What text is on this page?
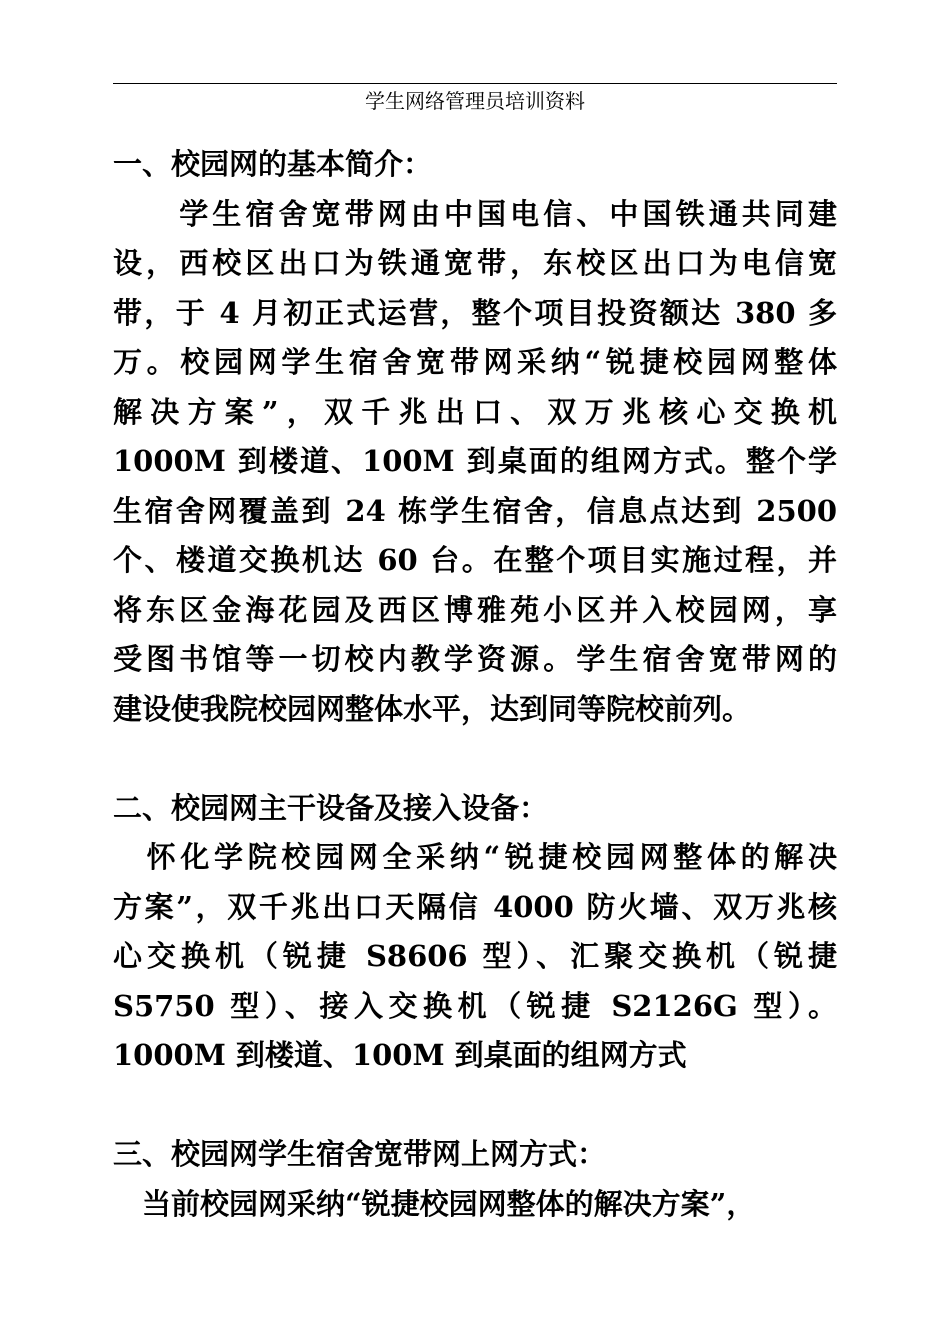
学生网络管理员培训资料
一、校园网的基本简介：
　　学生宿舍宽带网由中国电信、中国铁通共同建
设，西校区出口为铁通宽带，东校区出口为电信宽
带，于 4 月初正式运营，整个项目投资额达 380 多
万。校园网学生宿舍宽带网采纳“锐捷校园网整体
解决方案”，双千兆出口、双万兆核心交换机
1000M 到楼道、100M 到桌面的组网方式。整个学
生宿舍网覆盖到 24 栋学生宿舍，信息点达到 2500
个、楼道交换机达 60 台。在整个项目实施过程，并
将东区金海花园及西区博雅苑小区并入校园网，享
受图书馆等一切校内教学资源。学生宿舍宽带网的
建设使我院校园网整体水平，达到同等院校前列。
二、校园网主干设备及接入设备：
　怀化学院校园网全采纳“锐捷校园网整体的解决
方案”，双千兆出口天隔信 4000 防火墙、双万兆核
心交换机（锐捷 S8606 型）、汇聚交换机（锐捷
S5750 型）、接入交换机（锐捷 S2126G 型）。
1000M 到楼道、100M 到桌面的组网方式
三、校园网学生宿舍宽带网上网方式：
　当前校园网采纳“锐捷校园网整体的解决方案”，
